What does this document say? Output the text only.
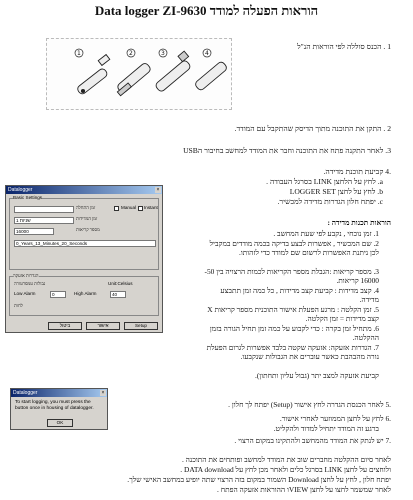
הוראות הפעלה למודד Data logger ZI-9630
1 . הכנס סוללה לפי הוראות הנ"ל
1	2	3	4
2 . התקן את התוכנה מתוך הדיסק שהתקבל עם המודד.
3. לאחר התקנה פתח את התוכנה וחבר את המודד למחשב בחיבור הUSB
.4 קביעת תוכנת מדידה.
a. לחץ על הלחצן LINK בסרגל העבודה .
b. לחץ על לחצן LOGGER SET
c. יפתח חלון הגדרות מדידה למכשיר.
Datalogger	×
Basic Settings
Manual Instant
זמן התחלה
1 שניות	זמן המדידות
16000	מספר קריאות
0_Years_13_Minutes_20_Seconds
הגדרות אזעקה
גבולות טמפרטורה
Low Alarm	0	High Alarm	40
Unit:Celsius
לחות
Setup
אישור
ביטול
הוראות תכנות מדידה :
1. זמן נוכחי , נקבע לפי שעת המחשב .
2. שם המכשיר , אפשרות לבצע בדיקה בכמה מודדים במקביל לכן ניתנת האפשרות לרשום שם למודד כדי לזהותו.
3. מספר קריאות :הגבלת מספר הקריאות לכמות הרצויה בין 50- 16000 קריאות.
4. קצב מדידות : קביעת קצב מדידות , כל כמה זמן תתבצע מדידה.
5. זמן הקלטה : מרגע הפעלת אישור התוכנית מספר קריאות X קצב מדידות = זמן הקלטה.
6. מתחיל זמן בקרה : כדי לקבוע על כמה זמן תחיל הגורה בזמן ההקלטה.
7. הגדרות אזעקה: אזעקה שקטה בלבד אפשרות לגרום הפעלת נורה מהבהבת כאשר עוברים את הגבולות שנקבעו.
קביעת אזעקה למצב יתר (גבול עליון ותחתון).
Datalogger	×
To start logging, you must press the button once in housing of datalogger.
OK
.5 לאחר הכנסת הגדרה לחץ אישור (Setup) יפתח לך חלון .
.6 לחץ על לחצן הממוזער לאחרי אישור.
ברגע זה המודד יתחיל למדוד ולהקליט.
.7 יש לנתק את המודד מהמחשב ולהתקינו במקום הרצוי .
לאחר סיום ההקלטה מחברים שוב את המודד למחשב ופותחים את התוכנה .
ולוחצים על לחצן LINK בסרגל כלים ולאחר מכן לחץ על DATA download .
יפתח חלון , לחץ על לחצן Download השמור במקום בזה הרצוי שתה יופיע במחשב האישי שלך.
לאחר שמשמר לחצו על לחצן VIEWו ההוראות אזעקה הפתח .
